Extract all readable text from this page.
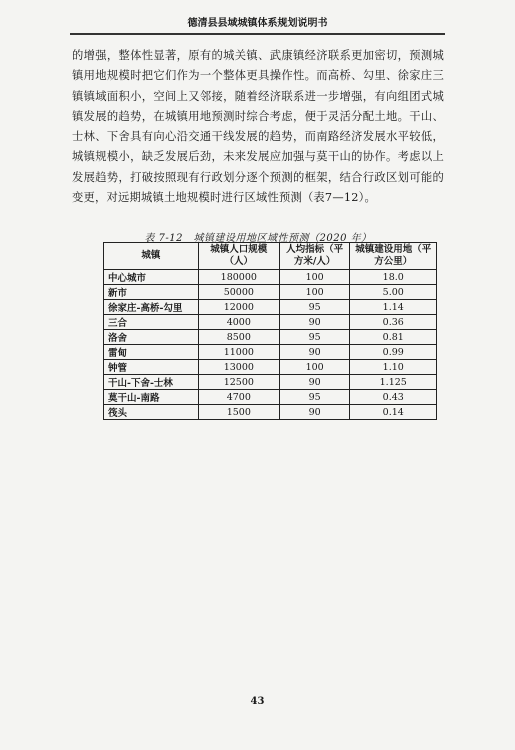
德清县县域城镇体系规划说明书
的增强，整体性显著，原有的城关镇、武康镇经济联系更加密切，预测城镇用地规模时把它们作为一个整体更具操作性。而高桥、勾里、徐家庄三镇镇域面积小，空间上又邻接，随着经济联系进一步增强，有向组团式城镇发展的趋势，在城镇用地预测时综合考虑，便于灵活分配土地。干山、士林、下舍具有向心沿交通干线发展的趋势，而南路经济发展水平较低，城镇规模小，缺乏发展后劲，未来发展应加强与莫干山的协作。考虑以上发展趋势，打破按照现有行政划分逐个预测的框架，结合行政区划可能的变更，对远期城镇土地规模时进行区域性预测（表7—12）。
表 7-12　城镇建设用地区域性预测（2020 年）
城镇	城镇人口规模（人）	人均指标（平方米/人）	城镇建设用地（平方公里）
中心城市	180000	100	18.0
新市	50000	100	5.00
徐家庄-高桥-勾里	12000	95	1.14
三合	4000	90	0.36
洛舍	8500	95	0.81
雷甸	11000	90	0.99
钟管	13000	100	1.10
干山-下舍-士林	12500	90	1.125
莫干山-南路	4700	95	0.43
筏头	1500	90	0.14
43
